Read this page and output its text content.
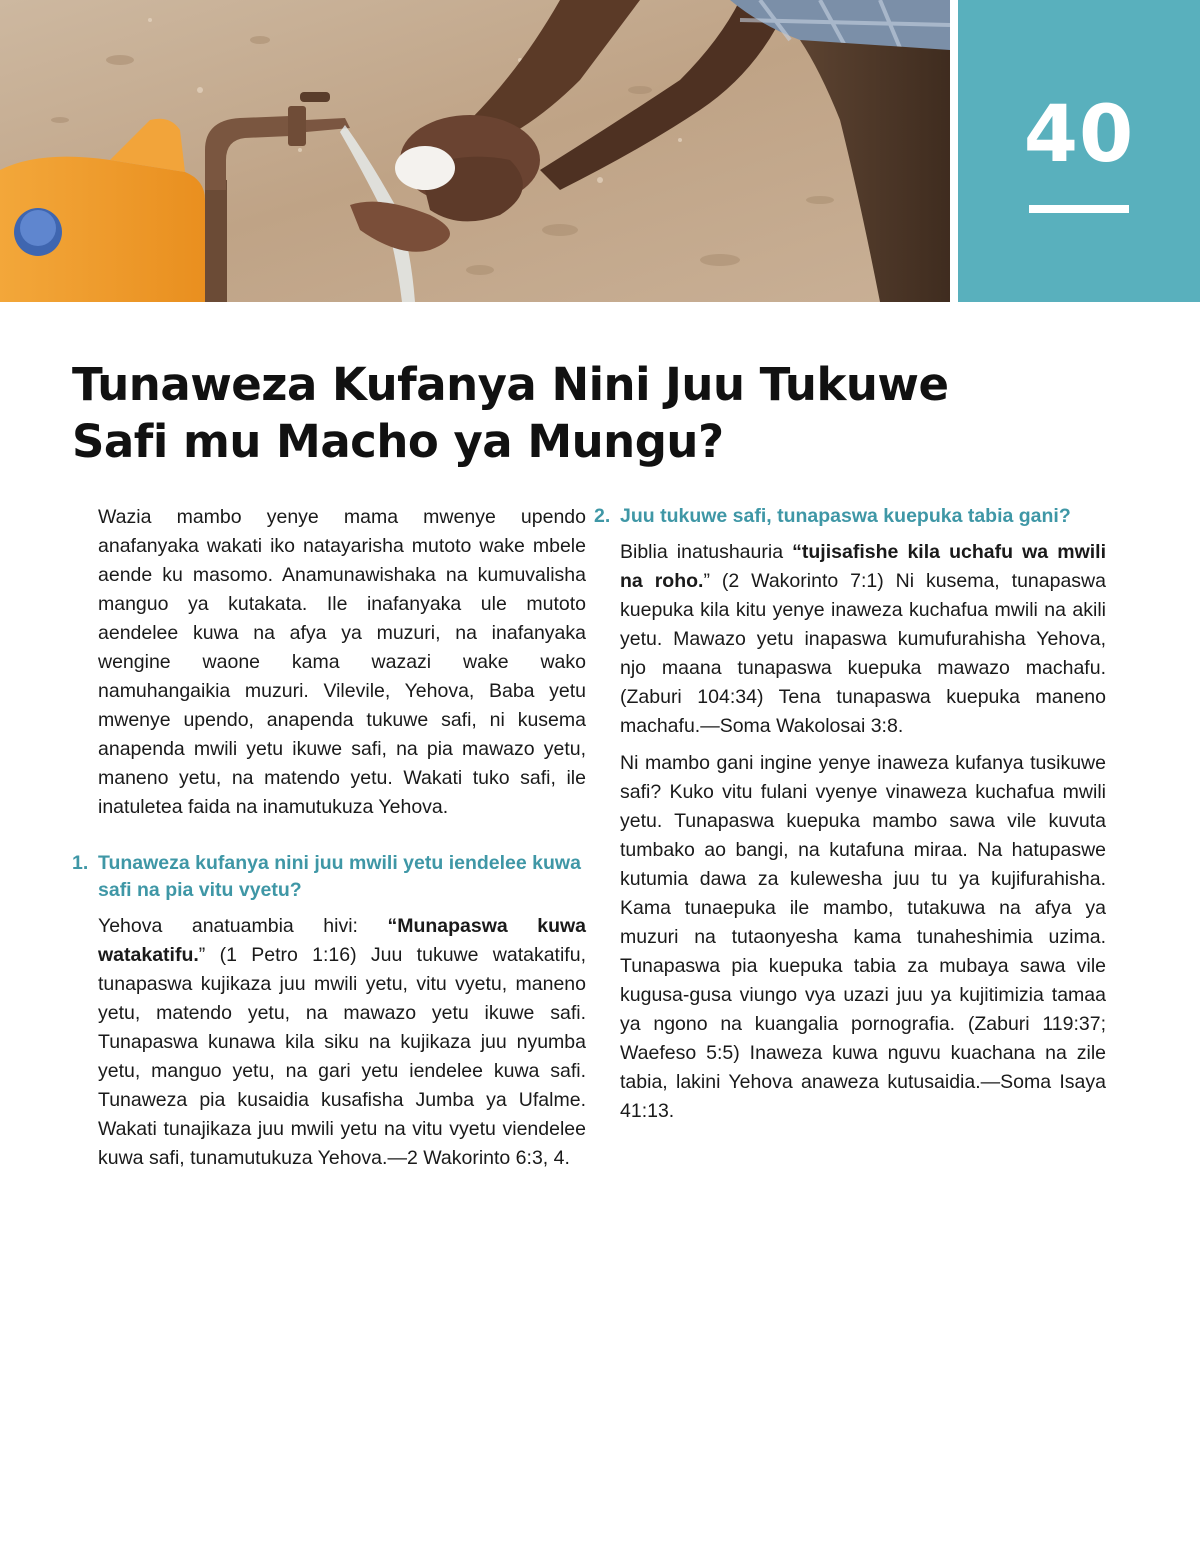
40
Tunaweza Kufanya Nini Juu Tukuwe
Safi mu Macho ya Mungu?

Wazia mambo yenye mama mwenye upendo anafanyaka wakati iko natayarisha mutoto wake mbele aende ku masomo. Anamunawishaka na kumuvalisha manguo ya kutakata. Ile inafanyaka ule mutoto aendelee kuwa na afya ya muzuri, na inafanyaka wengine waone kama wazazi wake wako namuhangaikia muzuri. Vilevile, Yehova, Baba yetu mwenye upendo, anapenda tukuwe safi, ni kusema anapenda mwili yetu ikuwe safi, na pia mawazo yetu, maneno yetu, na matendo yetu. Wakati tuko safi, ile inatuletea faida na inamutukuza Yehova.

1. Tunaweza kufanya nini juu mwili yetu iendelee kuwa safi na pia vitu vyetu?

Yehova anatuambia hivi: “Munapaswa kuwa watakatifu.” (1 Petro 1:16) Juu tukuwe watakatifu, tunapaswa kujikaza juu mwili yetu, vitu vyetu, maneno yetu, matendo yetu, na mawazo yetu ikuwe safi. Tunapaswa kunawa kila siku na kujikaza juu nyumba yetu, manguo yetu, na gari yetu iendelee kuwa safi. Tunaweza pia kusaidia kusafisha Jumba ya Ufalme. Wakati tunajikaza juu mwili yetu na vitu vyetu viendelee kuwa safi, tunamutukuza Yehova.—2 Wakorinto 6:3, 4.

2. Juu tukuwe safi, tunapaswa kuepuka tabia gani?

Biblia inatushauria “tujisafishe kila uchafu wa mwili na roho.” (2 Wakorinto 7:1) Ni kusema, tunapaswa kuepuka kila kitu yenye inaweza kuchafua mwili na akili yetu. Mawazo yetu inapaswa kumufurahisha Yehova, njo maana tunapaswa kuepuka mawazo machafu. (Zaburi 104:34) Tena tunapaswa kuepuka maneno machafu.—Soma Wakolosai 3:8.

Ni mambo gani ingine yenye inaweza kufanya tusikuwe safi? Kuko vitu fulani vyenye vinaweza kuchafua mwili yetu. Tunapaswa kuepuka mambo sawa vile kuvuta tumbako ao bangi, na kutafuna miraa. Na hatupaswe kutumia dawa za kulewesha juu tu ya kujifurahisha. Kama tunaepuka ile mambo, tutakuwa na afya ya muzuri na tutaonyesha kama tunaheshimia uzima. Tunapaswa pia kuepuka tabia za mubaya sawa vile kugusa-gusa viungo vya uzazi juu ya kujitimizia tamaa ya ngono na kuangalia pornografia. (Zaburi 119:37; Waefeso 5:5) Inaweza kuwa nguvu kuachana na zile tabia, lakini Yehova anaweza kutusaidia.—Soma Isaya 41:13.
